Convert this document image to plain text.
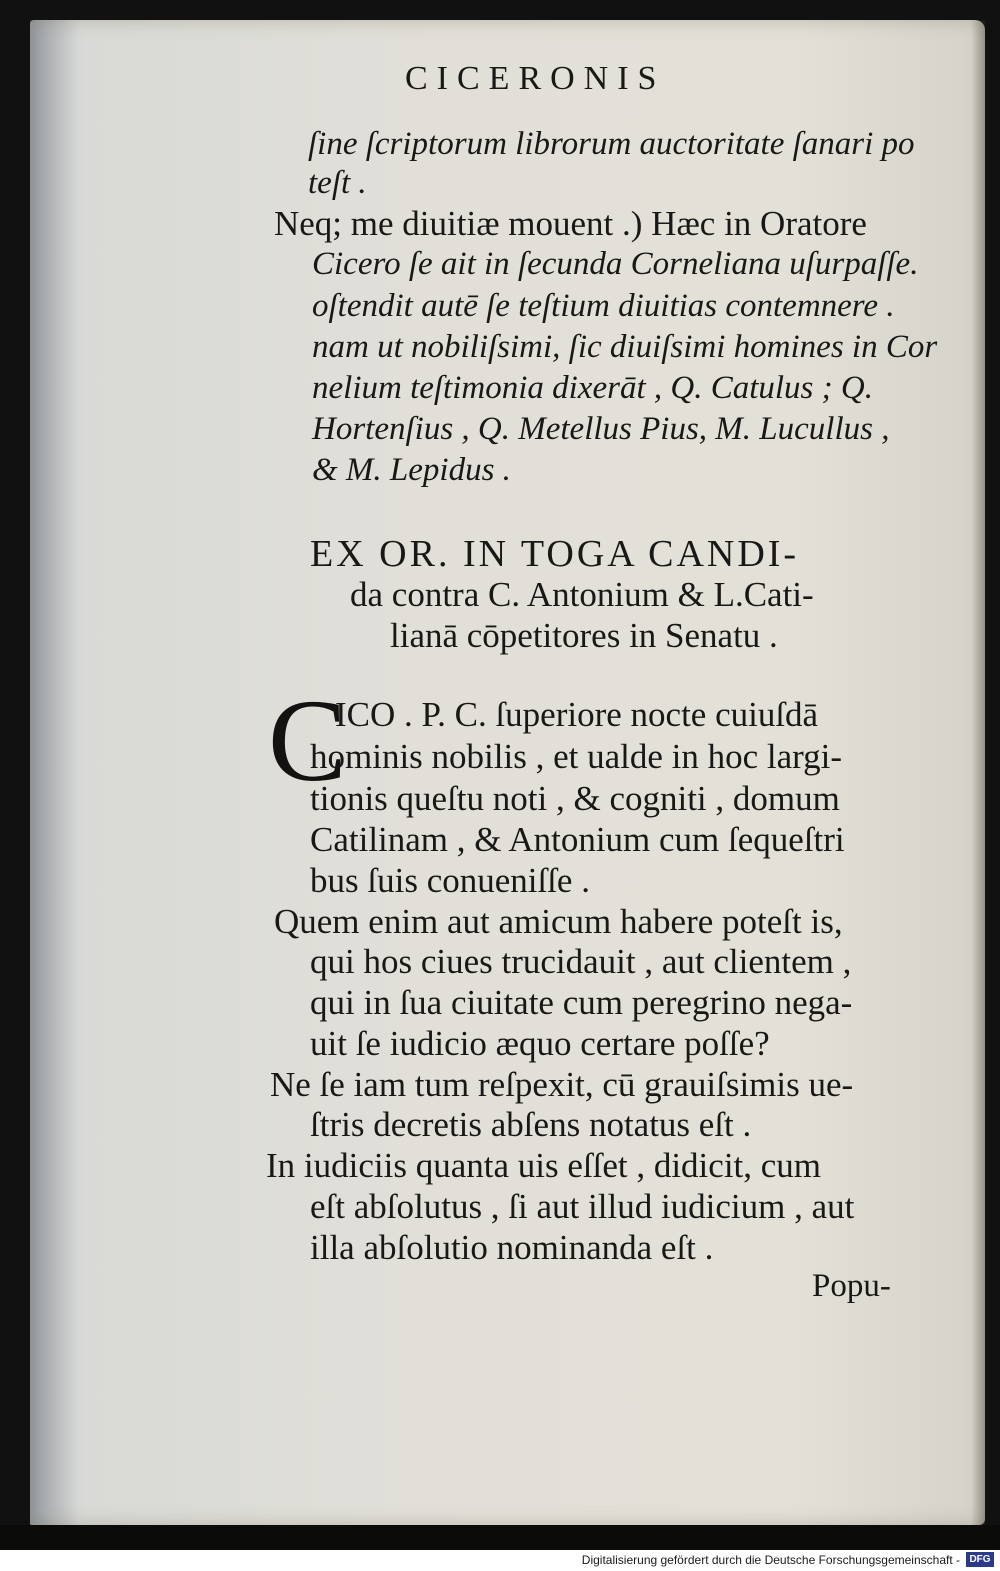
CICERONIS
ſine ſcriptorum librorum auctoritate ſanari po
teſt .
Neq; me diuitiæ mouent .) Hæc in Oratore
Cicero ſe ait in ſecunda Corneliana uſurpaſſe.
oſtendit autē ſe teſtium diuitias contemnere .
nam ut nobiliſsimi, ſic diuiſsimi homines in Cor
nelium teſtimonia dixerāt , Q. Catulus ; Q.
Hortenſius , Q. Metellus Pius, M. Lucullus ,
& M. Lepidus .
EX OR. IN TOGA CANDI-
da contra C. Antonium & L.Cati-
lianā cōpetitores in Senatu .
C
ICO . P. C. ſuperiore nocte cuiuſdā
hominis nobilis , et ualde in hoc largi-
tionis queſtu noti , & cogniti , domum
Catilinam , & Antonium cum ſequeſtri
bus ſuis conueniſſe .
Quem enim aut amicum habere poteſt is,
qui hos ciues trucidauit , aut clientem ,
qui in ſua ciuitate cum peregrino nega-
uit ſe iudicio æquo certare poſſe?
Ne ſe iam tum reſpexit, cū grauiſsimis ue-
ſtris decretis abſens notatus eſt .
In iudiciis quanta uis eſſet , didicit, cum
eſt abſolutus , ſi aut illud iudicium , aut
illa abſolutio nominanda eſt .
Popu-
Digitalisierung gefördert durch die Deutsche Forschungsgemeinschaft - DFG
